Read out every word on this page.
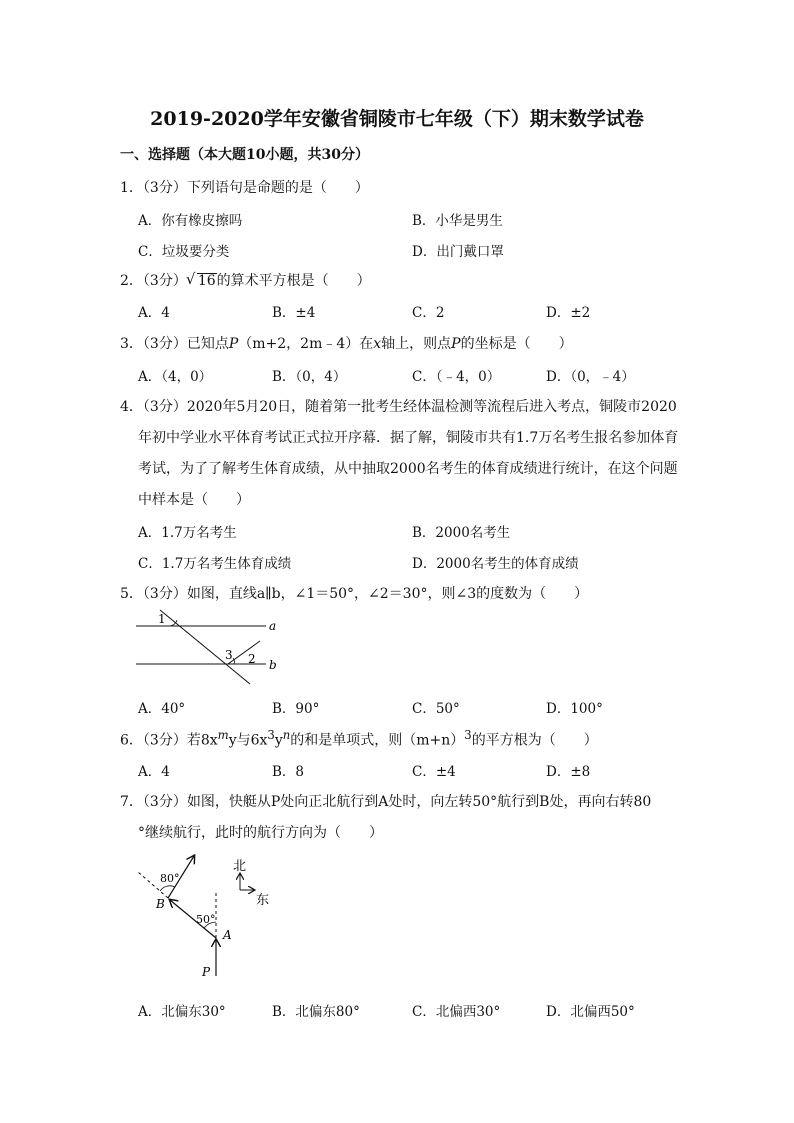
2019-2020学年安徽省铜陵市七年级（下）期末数学试卷
一、选择题（本大题10小题，共30分）
1．（3分）下列语句是命题的是（　　）
A．你有橡皮擦吗	B．小华是男生
C．垃圾要分类	D．出门戴口罩
2．（3分）√ 16的算术平方根是（　　）
A．4	B．±4	C．2	D．±2
3．（3分）已知点P（m+2，2m﹣4）在x轴上，则点P的坐标是（　　）
A．（4，0）	B．（0，4）	C．（﹣4，0）	D．（0，﹣4）
4．（3分）2020年5月20日，随着第一批考生经体温检测等流程后进入考点，铜陵市2020
年初中学业水平体育考试正式拉开序幕．据了解，铜陵市共有1.7万名考生报名参加体育
考试，为了了解考生体育成绩，从中抽取2000名考生的体育成绩进行统计，在这个问题
中样本是（　　）
A．1.7万名考生	B．2000名考生
C．1.7万名考生体育成绩	D．2000名考生的体育成绩
5．（3分）如图，直线a∥b，∠1＝50°，∠2＝30°，则∠3的度数为（　　）
1
3 2
a
b
A．40°	B．90°	C．50°	D．100°
6．（3分）若$8x^my$与$6x^3y^n$的和是单项式，则$(m+n)^3$的平方根为（　　）
A．4	B．8	C．±4	D．±8
7．（3分）如图，快艇从P处向正北航行到A处时，向左转50°航行到B处，再向右转80
°继续航行，此时的航行方向为（　　）
80°
50°
B
A
P
北
东
A．北偏东30°	B．北偏东80°	C．北偏西30°	D．北偏西50°
